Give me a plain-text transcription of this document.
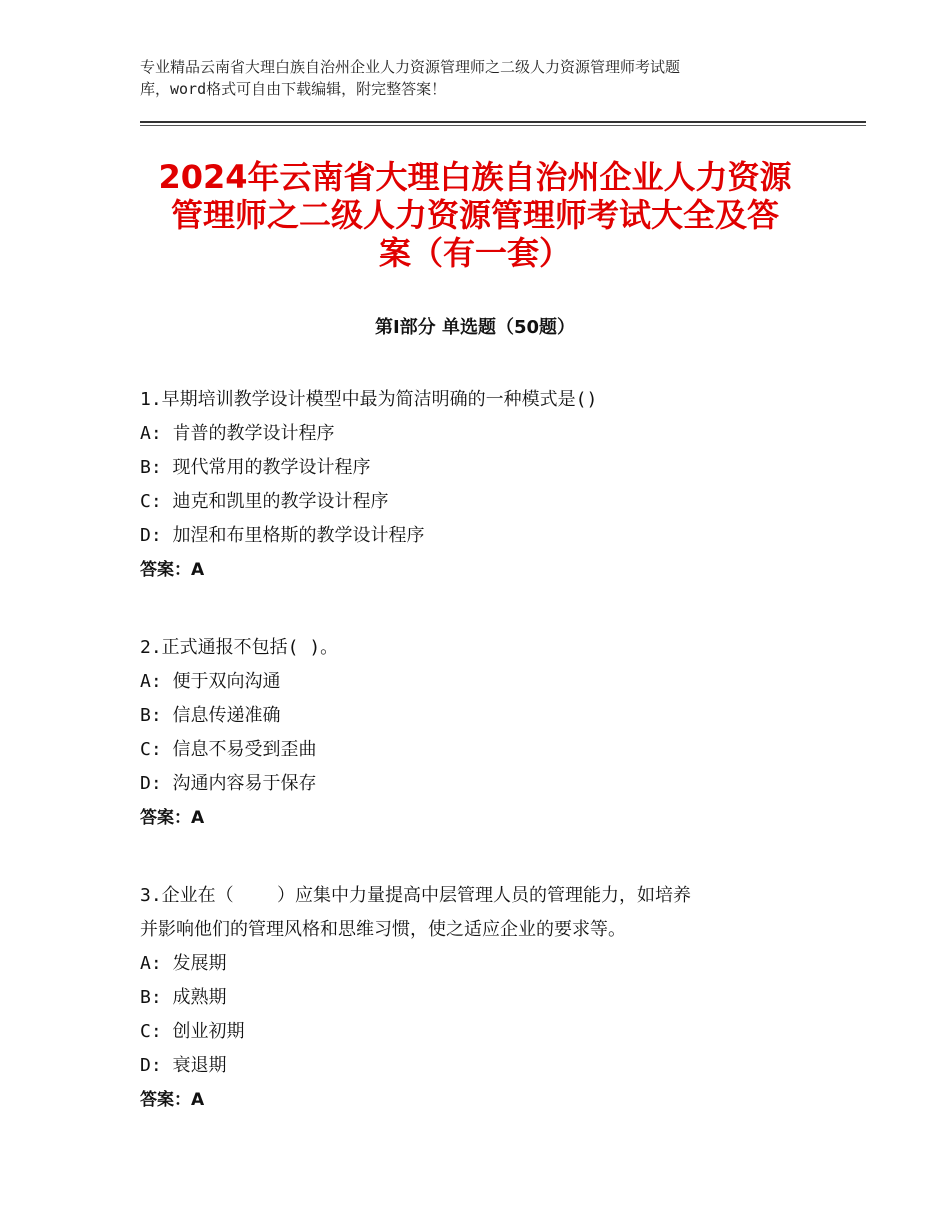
专业精品云南省大理白族自治州企业人力资源管理师之二级人力资源管理师考试题
库，word格式可自由下载编辑，附完整答案！
2024年云南省大理白族自治州企业人力资源
管理师之二级人力资源管理师考试大全及答
案（有一套）
第Ⅰ部分 单选题（50题）
1.早期培训教学设计模型中最为简洁明确的一种模式是()
A: 肯普的教学设计程序
B: 现代常用的教学设计程序
C: 迪克和凯里的教学设计程序
D: 加涅和布里格斯的教学设计程序
答案：A
2.正式通报不包括( )。
A: 便于双向沟通
B: 信息传递准确
C: 信息不易受到歪曲
D: 沟通内容易于保存
答案：A
3.企业在（    ）应集中力量提高中层管理人员的管理能力，如培养
并影响他们的管理风格和思维习惯，使之适应企业的要求等。
A: 发展期
B: 成熟期
C: 创业初期
D: 衰退期
答案：A
